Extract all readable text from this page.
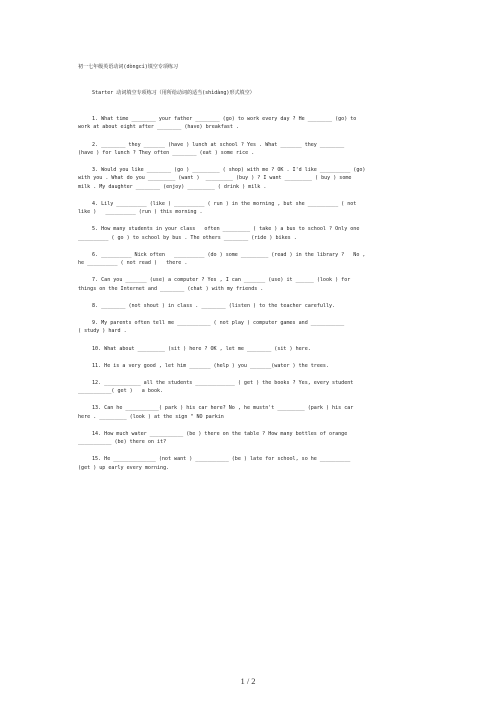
初一七年级英语动词(dòngcí)填空专项练习
Starter 动词填空专项练习（用所给动词的适当(shìdàng)形式填空）
1. What time ________ your father ________ (go) to work every day ? He ________ (go) to
work at about eight after ________ (have) breakfast .
2. ________ they _______ (have ) lunch at school ? Yes . What _______ they ________
(have ) for lunch ? They often ________ (eat ) some rice .
3. Would you like ________ (go ) _________ ( shop) with me ? OK . I'd like __________ (go)
with you . What do you _________ (want )  _________ (buy ) ? I want _________ ( buy ) some
milk . My daughter ________ (enjoy) _________ ( drink ) milk .
4. Lily __________ (like ) __________ ( run ) in the morning , but she __________ ( not
like )   __________ (run ) this morning .
5. How many students in your class   often _________ ( take ) a bus to school ? Only one
__________ ( go ) to school by bus . The others ________ (ride ) bikes .
6. __________ Nick often   __________ (do ) some _________ (read ) in the library ?   No ,
he __________ ( not read )   there .
7. Can you _______ (use) a computer ? Yes , I can _______ (use) it ______ (look ) for
things on the Internet and ________ (chat ) with my friends .
8. ________ (not shout ) in class . ________ (listen ) to the teacher carefully.
9. My parents often tell me ___________ ( not play ) computer games and ___________
( study ) hard .
10. What about _________ (sit ) here ? OK , let me ________ (sit ) here.
11. He is a very good , let him _______ (help ) you _______(water ) the trees.
12. ____________ all the students _____________ ( get ) the books ? Yes, every student
___________( get )   a book.
13. Can he ___________( park ) his car here? No , he mustn't _________ (park ) his car
here . _________ (look ) at the sign " NO parkin
14. How much water ___________ (be ) there on the table ? How many bottles of orange
___________ (be) there on it?
15. He ______________ (not want ) ___________ (be ) late for school, so he __________
(get ) up early every morning.
1 / 2
